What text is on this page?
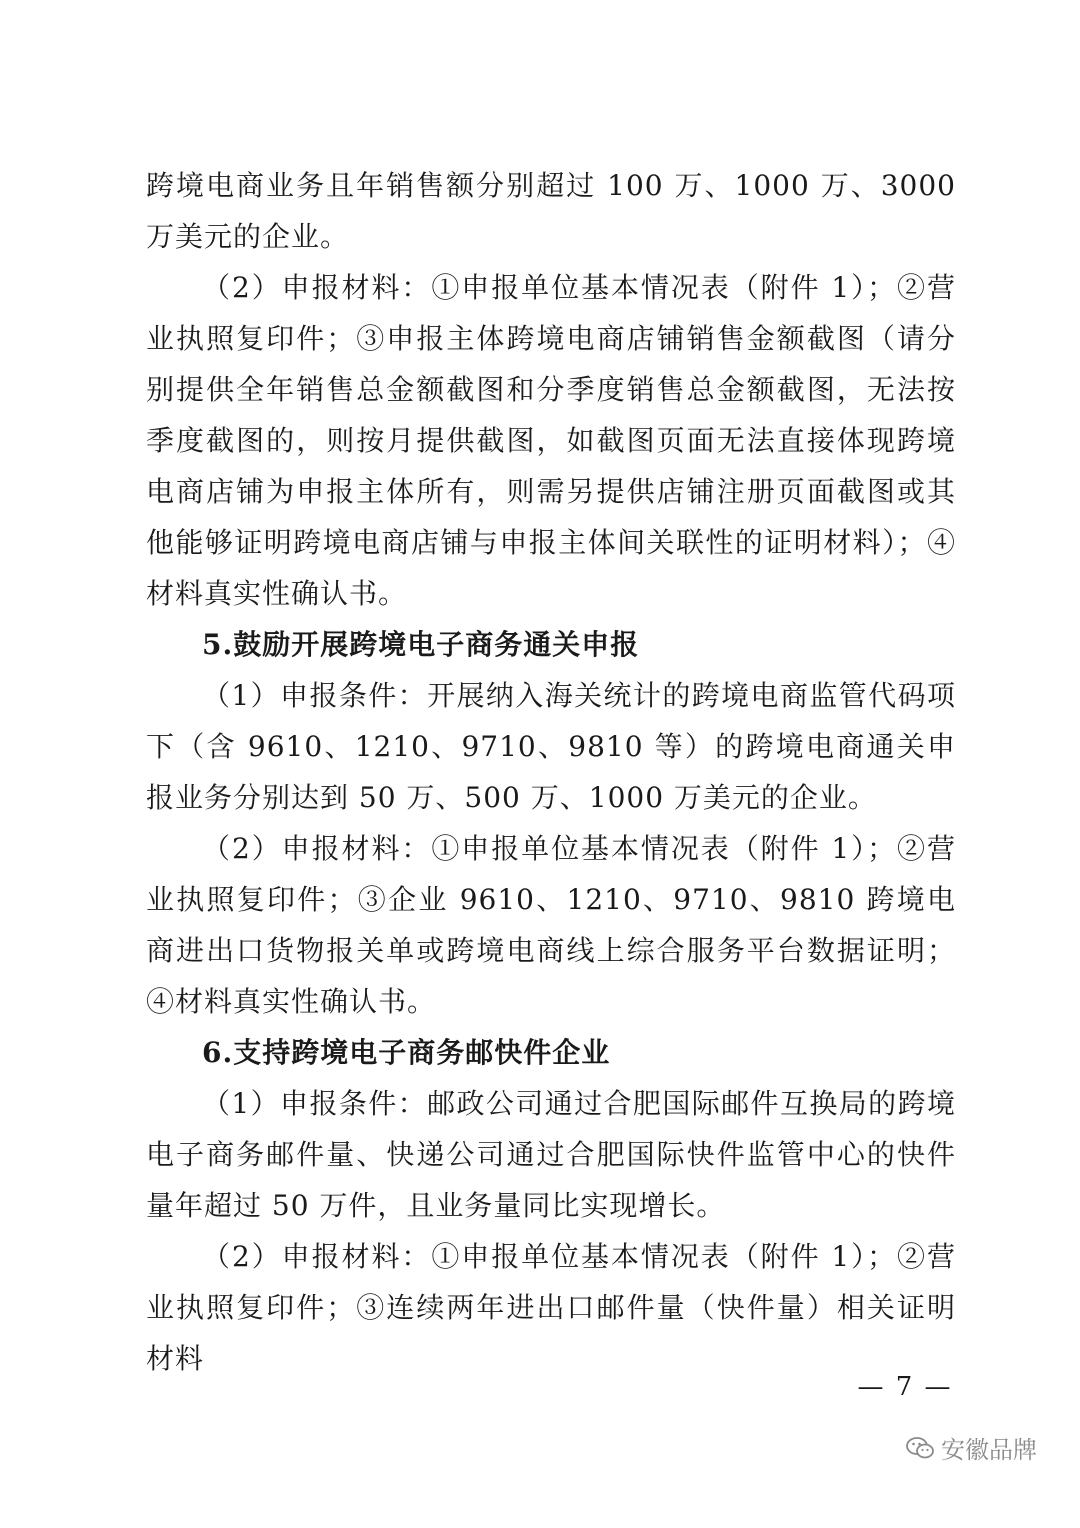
跨境电商业务且年销售额分别超过 100 万、1000 万、3000 万美元的企业。

（2）申报材料：①申报单位基本情况表（附件 1）；②营业执照复印件；③申报主体跨境电商店铺销售金额截图（请分别提供全年销售总金额截图和分季度销售总金额截图，无法按季度截图的，则按月提供截图，如截图页面无法直接体现跨境电商店铺为申报主体所有，则需另提供店铺注册页面截图或其他能够证明跨境电商店铺与申报主体间关联性的证明材料）；④材料真实性确认书。

5.鼓励开展跨境电子商务通关申报

（1）申报条件：开展纳入海关统计的跨境电商监管代码项下（含 9610、1210、9710、9810 等）的跨境电商通关申报业务分别达到 50 万、500 万、1000 万美元的企业。

（2）申报材料：①申报单位基本情况表（附件 1）；②营业执照复印件；③企业 9610、1210、9710、9810 跨境电商进出口货物报关单或跨境电商线上综合服务平台数据证明；④材料真实性确认书。

6.支持跨境电子商务邮快件企业

（1）申报条件：邮政公司通过合肥国际邮件互换局的跨境电子商务邮件量、快递公司通过合肥国际快件监管中心的快件量年超过 50 万件，且业务量同比实现增长。

（2）申报材料：①申报单位基本情况表（附件 1）；②营业执照复印件；③连续两年进出口邮件量（快件量）相关证明材料

— 7 —
安徽品牌
